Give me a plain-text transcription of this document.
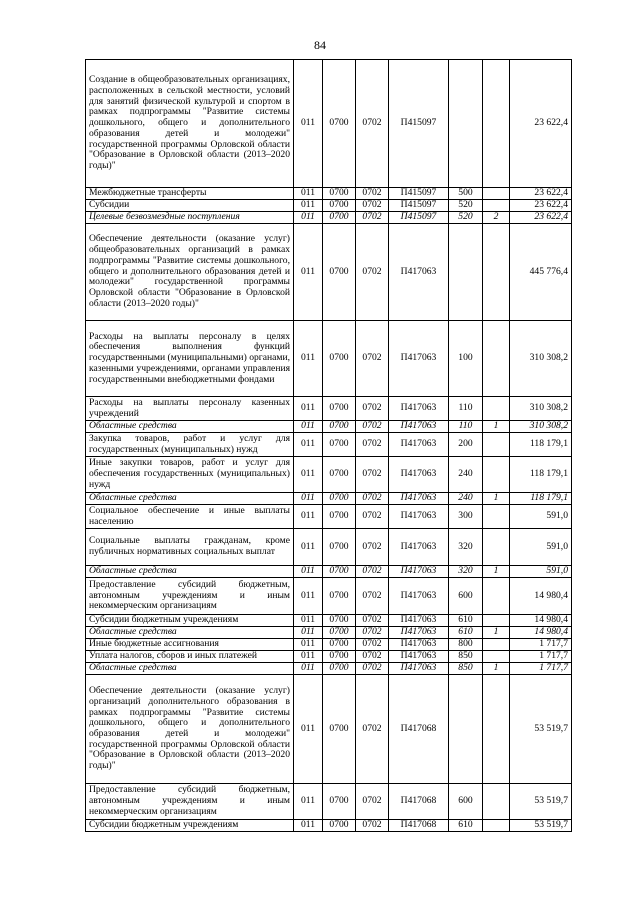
84
Создание в общеобразовательных организациях, расположенных в сельской местности, условий для занятий физической культурой и спортом в рамках подпрограммы "Развитие системы дошкольного, общего и дополнительного образования детей и молодежи" государственной программы Орловской области "Образование в Орловской области (2013–2020 годы)"	011	0700	0702	П415097			23 622,4
Межбюджетные трансферты	011	0700	0702	П415097	500		23 622,4
Субсидии	011	0700	0702	П415097	520		23 622,4
Целевые безвозмездные поступления	011	0700	0702	П415097	520	2	23 622,4
Обеспечение деятельности (оказание услуг) общеобразовательных организаций в рамках подпрограммы "Развитие системы дошкольного, общего и дополнительного образования детей и молодежи" государственной программы Орловской области "Образование в Орловской области (2013–2020 годы)"	011	0700	0702	П417063			445 776,4
Расходы на выплаты персоналу в целях обеспечения выполнения функций государственными (муниципальными) органами, казенными учреждениями, органами управления государственными внебюджетными фондами	011	0700	0702	П417063	100		310 308,2
Расходы на выплаты персоналу казенных учреждений	011	0700	0702	П417063	110		310 308,2
Областные средства	011	0700	0702	П417063	110	1	310 308,2
Закупка товаров, работ и услуг для государственных (муниципальных) нужд	011	0700	0702	П417063	200		118 179,1
Иные закупки товаров, работ и услуг для обеспечения государственных (муниципальных) нужд	011	0700	0702	П417063	240		118 179,1
Областные средства	011	0700	0702	П417063	240	1	118 179,1
Социальное обеспечение и иные выплаты населению	011	0700	0702	П417063	300		591,0
Социальные выплаты гражданам, кроме публичных нормативных социальных выплат	011	0700	0702	П417063	320		591,0
Областные средства	011	0700	0702	П417063	320	1	591,0
Предоставление субсидий бюджетным, автономным учреждениям и иным некоммерческим организациям	011	0700	0702	П417063	600		14 980,4
Субсидии бюджетным учреждениям	011	0700	0702	П417063	610		14 980,4
Областные средства	011	0700	0702	П417063	610	1	14 980,4
Иные бюджетные ассигнования	011	0700	0702	П417063	800		1 717,7
Уплата налогов, сборов и иных платежей	011	0700	0702	П417063	850		1 717,7
Областные средства	011	0700	0702	П417063	850	1	1 717,7
Обеспечение деятельности (оказание услуг) организаций дополнительного образования в рамках подпрограммы "Развитие системы дошкольного, общего и дополнительного образования детей и молодежи" государственной программы Орловской области "Образование в Орловской области (2013–2020 годы)"	011	0700	0702	П417068			53 519,7
Предоставление субсидий бюджетным, автономным учреждениям и иным некоммерческим организациям	011	0700	0702	П417068	600		53 519,7
Субсидии бюджетным учреждениям	011	0700	0702	П417068	610		53 519,7
